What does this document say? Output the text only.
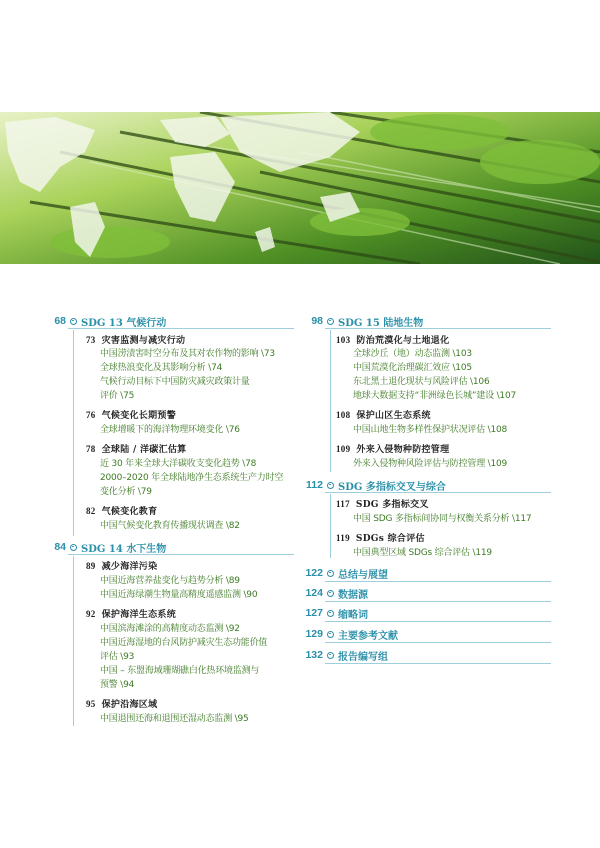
68 SDG 13 气候行动
73 灾害监测与减灾行动
中国涝渍害时空分布及其对农作物的影响 \73
全球热浪变化及其影响分析 \74
气候行动目标下中国防灾减灾政策计量
评价 \75
76 气候变化长期预警
全球增暖下的海洋物理环境变化 \76
78 全球陆 / 洋碳汇估算
近 30 年来全球大洋碳收支变化趋势 \78
2000–2020 年全球陆地净生态系统生产力时空
变化分析 \79
82 气候变化教育
中国气候变化教育传播现状调查 \82
84 SDG 14 水下生物
89 减少海洋污染
中国近海营养盐变化与趋势分析 \89
中国近海绿潮生物量高精度遥感监测 \90
92 保护海洋生态系统
中国滨海滩涂的高精度动态监测 \92
中国近海湿地的台风防护减灾生态功能价值
评估 \93
中国 – 东盟海域珊瑚礁白化热环境监测与
预警 \94
95 保护沿海区域
中国退围还海和退围还湿动态监测 \95
98 SDG 15 陆地生物
103 防治荒漠化与土地退化
全球沙丘（地）动态监测 \103
中国荒漠化治理碳汇效应 \105
东北黑土退化现状与风险评估 \106
地球大数据支持“非洲绿色长城”建设 \107
108 保护山区生态系统
中国山地生物多样性保护状况评估 \108
109 外来入侵物种防控管理
外来入侵物种风险评估与防控管理 \109
112 SDG 多指标交叉与综合
117 SDG 多指标交叉
中国 SDG 多指标间协同与权衡关系分析 \117
119 SDGs 综合评估
中国典型区域 SDGs 综合评估 \119
122 总结与展望
124 数据源
127 缩略词
129 主要参考文献
132 报告编写组
